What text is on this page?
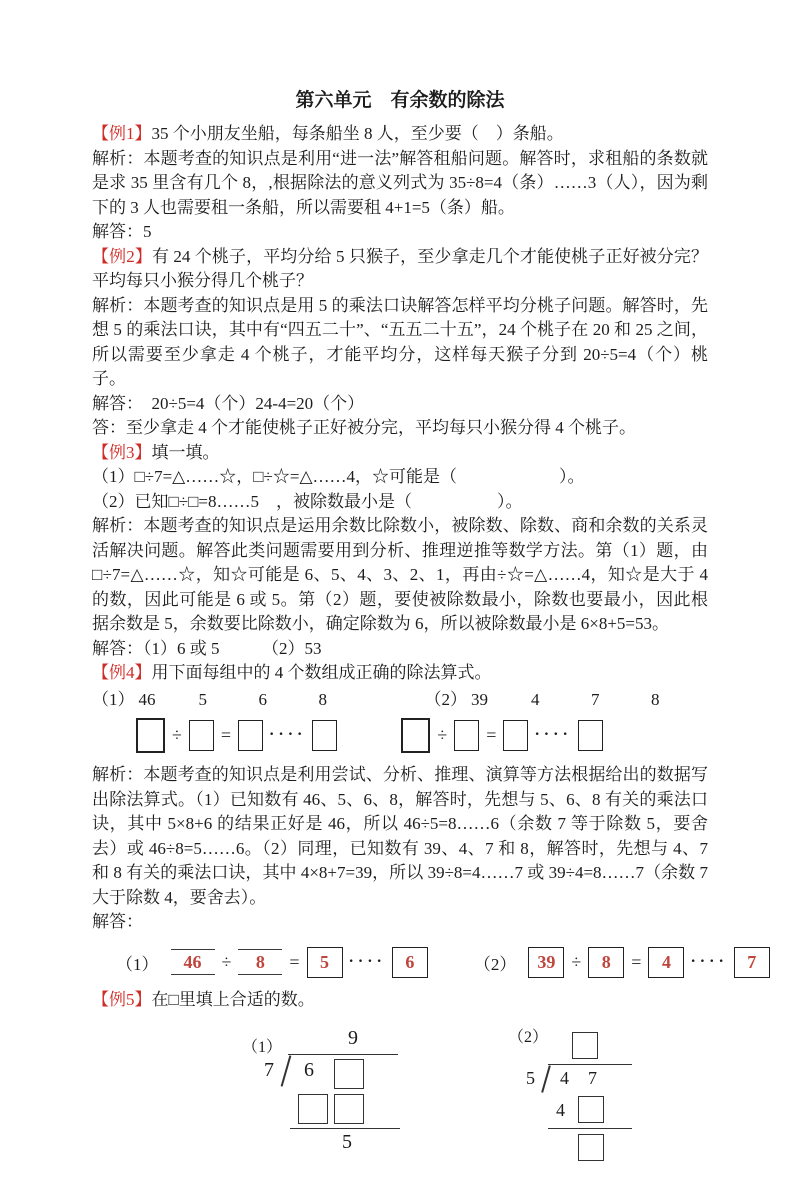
第六单元　有余数的除法

【例1】35 个小朋友坐船，每条船坐 8 人，至少要（　）条船。

解析：本题考查的知识点是利用“进一法”解答租船问题。解答时，求租船的条数就是求 35 里含有几个 8，,根据除法的意义列式为 35÷8=4（条）……3（人），因为剩下的 3 人也需要租一条船，所以需要租 4+1=5（条）船。

解答：5

【例2】有 24 个桃子，平均分给 5 只猴子，至少拿走几个才能使桃子正好被分完？平均每只小猴分得几个桃子？

解析：本题考查的知识点是用 5 的乘法口诀解答怎样平均分桃子问题。解答时，先想 5 的乘法口诀，其中有“四五二十”、“五五二十五”，24 个桃子在 20 和 25 之间，所以需要至少拿走 4 个桃子，才能平均分，这样每天猴子分到 20÷5=4（个）桃子。

解答：　20÷5=4（个）24-4=20（个）

答：至少拿走 4 个才能使桃子正好被分完，平均每只小猴分得 4 个桃子。

【例3】填一填。

（1）□÷7=△……☆，□÷☆=△……4，☆可能是（　　　　　　）。

（2）已知□÷□=8……5　，被除数最小是（　　　　　）。

解析：本题考查的知识点是运用余数比除数小，被除数、除数、商和余数的关系灵活解决问题。解答此类问题需要用到分析、推理逆推等数学方法。第（1）题，由□÷7=△……☆，知☆可能是 6、5、4、3、2、1，再由÷☆=△……4，知☆是大于 4 的数，因此可能是 6 或 5。第（2）题，要使被除数最小，除数也要最小，因此根据余数是 5，余数要比除数小，确定除数为 6，所以被除数最小是 6×8+5=53。

解答：（1）6 或 5　　　（2）53

【例4】用下面每组中的 4 个数组成正确的除法算式。

（1） 46	5	6	8	（2） 39	4	7	8
÷ = ····	÷ = ····

解析：本题考查的知识点是利用尝试、分析、推理、演算等方法根据给出的数据写出除法算式。（1）已知数有 46、5、6、8，解答时，先想与 5、6、8 有关的乘法口诀，其中 5×8+6 的结果正好是 46，所以 46÷5=8……6（余数 7 等于除数 5，要舍去）或 46÷8=5……6。（2）同理，已知数有 39、4、7 和 8，解答时，先想与 4、7 和 8 有关的乘法口诀，其中 4×8+7=39，所以 39÷8=4……7 或 39÷4=8……7（余数 7 大于除数 4，要舍去）。

解答：

（1）	46	÷	8	=	5	····	6	（2）	39 ÷	8	=	4	····	7

【例5】在□里填上合适的数。

（1）	9
7 6
5
（2）
5 4 7
4
